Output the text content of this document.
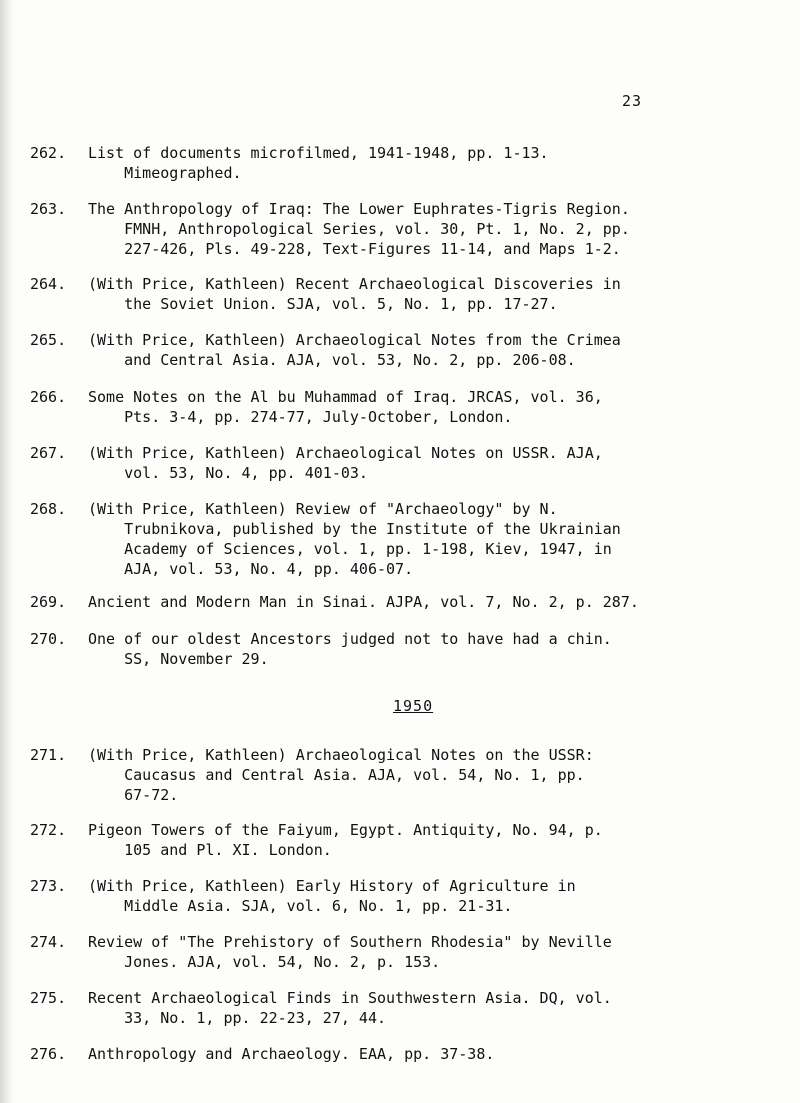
23
262.	List of documents microfilmed, 1941-1948, pp. 1-13.
Mimeographed.
263.	The Anthropology of Iraq: The Lower Euphrates-Tigris Region.
FMNH, Anthropological Series, vol. 30, Pt. 1, No. 2, pp.
227-426, Pls. 49-228, Text-Figures 11-14, and Maps 1-2.
264.	(With Price, Kathleen) Recent Archaeological Discoveries in
the Soviet Union. SJA, vol. 5, No. 1, pp. 17-27.
265.	(With Price, Kathleen) Archaeological Notes from the Crimea
and Central Asia. AJA, vol. 53, No. 2, pp. 206-08.
266.	Some Notes on the Al bu Muhammad of Iraq. JRCAS, vol. 36,
Pts. 3-4, pp. 274-77, July-October, London.
267.	(With Price, Kathleen) Archaeological Notes on USSR. AJA,
vol. 53, No. 4, pp. 401-03.
268.	(With Price, Kathleen) Review of "Archaeology" by N.
Trubnikova, published by the Institute of the Ukrainian
Academy of Sciences, vol. 1, pp. 1-198, Kiev, 1947, in
AJA, vol. 53, No. 4, pp. 406-07.
269.	Ancient and Modern Man in Sinai. AJPA, vol. 7, No. 2, p. 287.
270.	One of our oldest Ancestors judged not to have had a chin.
SS, November 29.
1950
271.	(With Price, Kathleen) Archaeological Notes on the USSR:
Caucasus and Central Asia. AJA, vol. 54, No. 1, pp.
67-72.
272.	Pigeon Towers of the Faiyum, Egypt. Antiquity, No. 94, p.
105 and Pl. XI. London.
273.	(With Price, Kathleen) Early History of Agriculture in
Middle Asia. SJA, vol. 6, No. 1, pp. 21-31.
274.	Review of "The Prehistory of Southern Rhodesia" by Neville
Jones. AJA, vol. 54, No. 2, p. 153.
275.	Recent Archaeological Finds in Southwestern Asia. DQ, vol.
33, No. 1, pp. 22-23, 27, 44.
276.	Anthropology and Archaeology. EAA, pp. 37-38.
